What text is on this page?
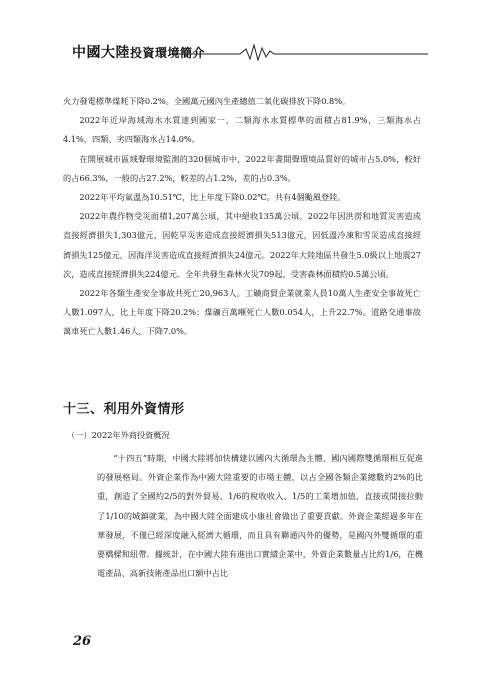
中國大陸投資環境簡介

火力發電標準煤耗下降0.2%。全國萬元國內生產總值二氧化碳排放下降0.8%。

2022年近岸海域海水水質達到國家一、二類海水水質標準的面積占81.9%，三類海水占4.1%，四類、劣四類海水占14.0%。

在開展城市區域聲環境監測的320個城市中，2022年晝間聲環境品質好的城市占5.0%，較好的占66.3%，一般的占27.2%，較差的占1.2%，差的占0.3%。

2022年平均氣溫為10.51℃，比上年度下降0.02℃。共有4個颱風登陸。

2022年農作物受災面積1,207萬公頃，其中絕收135萬公頃。2022年因洪澇和地質災害造成直接經濟損失1,303億元，因乾旱災害造成直接經濟損失513億元，因低溫冷凍和雪災造成直接經濟損失125億元，因海洋災害造成直接經濟損失24億元。2022年大陸地區共發生5.0級以上地震27次，造成直接經濟損失224億元。全年共發生森林火災709起，受害森林面積約0.5萬公頃。

2022年各類生產安全事故共死亡20,963人。工礦商貿企業就業人員10萬人生產安全事故死亡人數1.097人，比上年度下降20.2%；煤礦百萬噸死亡人數0.054人，上升22.7%。道路交通事故萬車死亡人數1.46人，下降7.0%。

十三、利用外資情形
（一）2022年外商投資概況

“十四五”時期，中國大陸將加快構建以國內大循環為主體、國內國際雙循環相互促進的發展格局。外資企業作為中國大陸重要的市場主體，以占全國各類企業總數約2%的比重，創造了全國約2/5的對外貿易、1/6的稅收收入、1/5的工業增加值，直接或間接拉動了1/10的城鎮就業，為中國大陸全面建成小康社會做出了重要貢獻。外資企業經過多年在華發展，不僅已經深度融入經濟大循環，而且具有聯通內外的優勢，是國內外雙循環的重要橋樑和紐帶。據統計，在中國大陸有進出口實績企業中，外資企業數量占比約1/6，在機電產品、高新技術產品出口額中占比

26
